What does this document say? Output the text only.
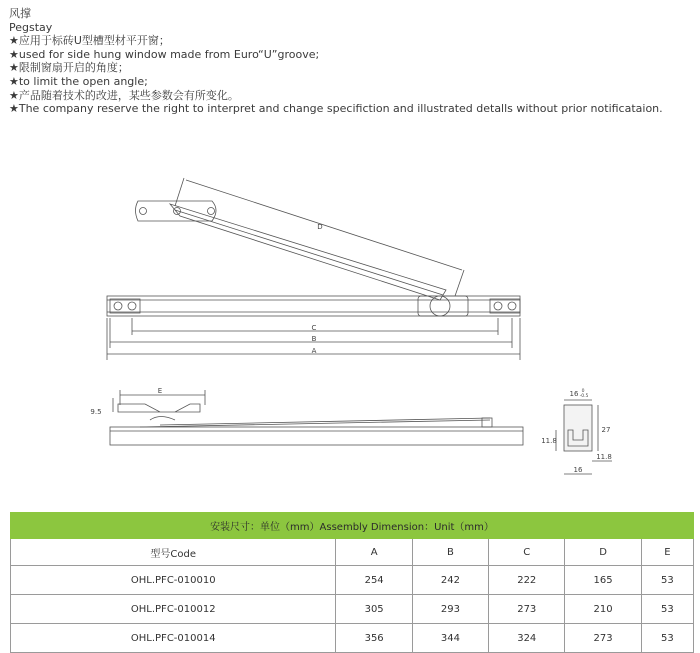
风撑
Pegstay
★应用于标砖U型槽型材平开窗；
★used for side hung window made from Euro“U”groove;
★限制窗扇开启的角度；
★to limit the open angle;
★产品随着技术的改进，某些参数会有所变化。
★The company reserve the right to interpret and change specifiction and illustrated detalls without prior notificataion.
D
C
B
A
E
9.5
16 0
-0.5
11.8
27
16
11.8
安装尺寸：单位（mm）Assembly Dimension：Unit（mm）					
型号Code	A	B	C	D	E
OHL.PFC-010010	254	242	222	165	53
OHL.PFC-010012	305	293	273	210	53
OHL.PFC-010014	356	344	324	273	53
